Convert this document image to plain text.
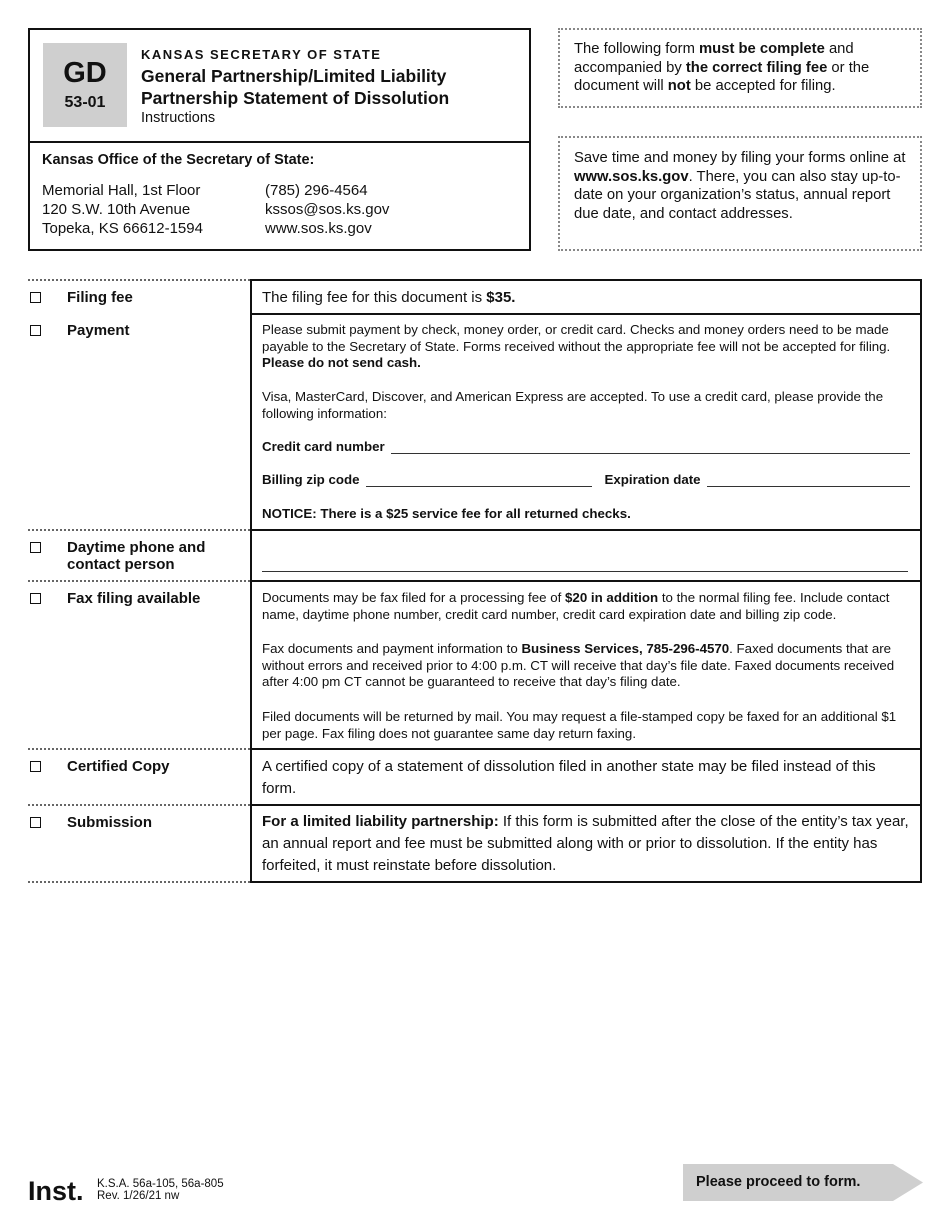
GD
53-01
KANSAS SECRETARY OF STATE
General Partnership/Limited Liability
Partnership Statement of Dissolution
Instructions
Kansas Office of the Secretary of State:
Memorial Hall, 1st Floor
120 S.W. 10th Avenue
Topeka, KS 66612-1594
(785) 296-4564
kssos@sos.ks.gov
www.sos.ks.gov
The following form must be complete and accompanied by the correct filing fee or the document will not be accepted for filing.
Save time and money by filing your forms online at www.sos.ks.gov. There, you can also stay up-to-date on your organization’s status, annual report due date, and contact addresses.
Filing fee	The filing fee for this document is $35.
Payment	Please submit payment by check, money order, or credit card. Checks and money orders need to be made payable to the Secretary of State. Forms received without the appropriate fee will not be accepted for filing. Please do not send cash.
Visa, MasterCard, Discover, and American Express are accepted. To use a credit card, please provide the following information:
Credit card number
Billing zip code	Expiration date
NOTICE: There is a $25 service fee for all returned checks.
Daytime phone and
contact person
Fax filing available	Documents may be fax filed for a processing fee of $20 in addition to the normal filing fee. Include contact name, daytime phone number, credit card number, credit card expiration date and billing zip code.
Fax documents and payment information to Business Services, 785-296-4570. Faxed documents that are without errors and received prior to 4:00 p.m. CT will receive that day’s file date. Faxed documents received after 4:00 pm CT cannot be guaranteed to receive that day’s filing date.
Filed documents will be returned by mail. You may request a file-stamped copy be faxed for an additional $1 per page. Fax filing does not guarantee same day return faxing.
Certified Copy	A certified copy of a statement of dissolution filed in another state may be filed instead of this form.
Submission	For a limited liability partnership: If this form is submitted after the close of the entity’s tax year, an annual report and fee must be submitted along with or prior to dissolution. If the entity has forfeited, it must reinstate before dissolution.
Inst. K.S.A. 56a-105, 56a-805
Rev. 1/26/21 nw
Please proceed to form.
